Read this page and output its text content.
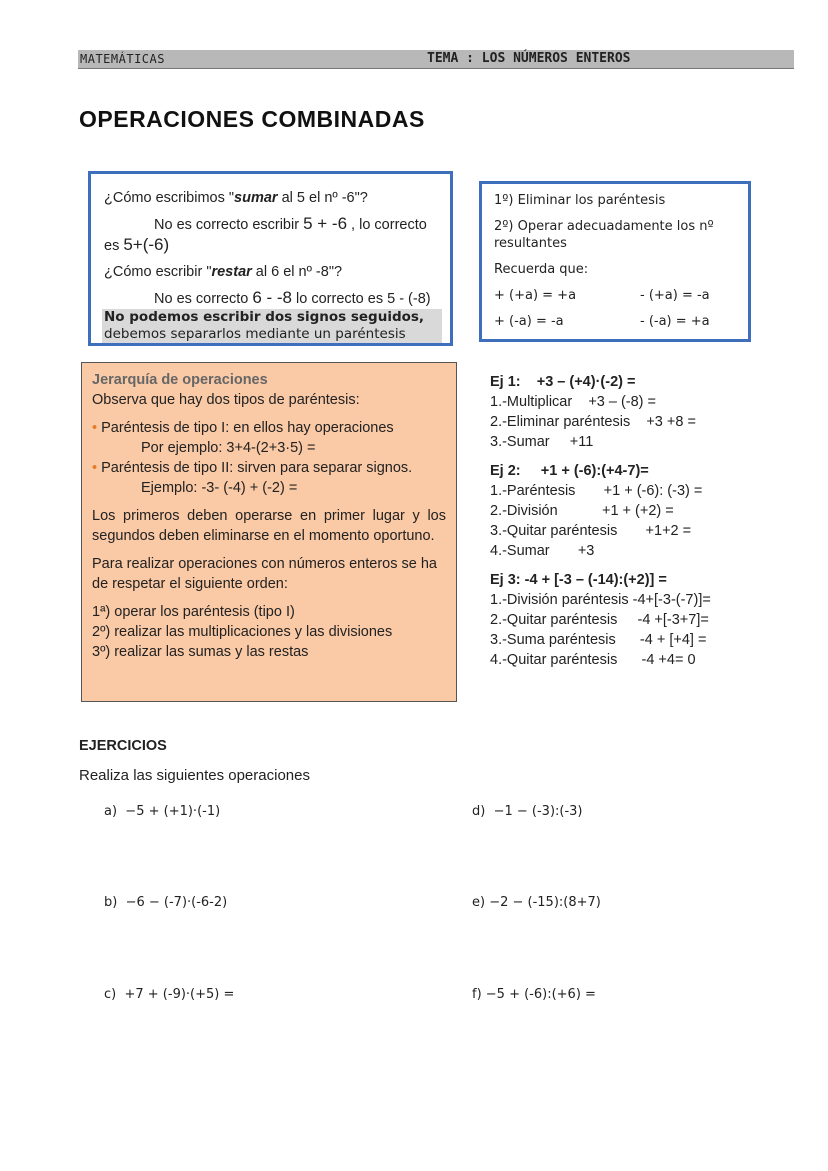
MATEMÁTICAS	TEMA : LOS NÚMEROS ENTEROS
OPERACIONES COMBINADAS
¿Cómo escribimos "sumar al 5 el nº -6"?
No es correcto escribir 5 + -6 , lo correcto
es 5+(-6)
¿Cómo escribir "restar al 6 el nº -8"?
No es correcto 6 - -8 lo correcto es 5 - (-8)
No podemos escribir dos signos seguidos,
debemos separarlos mediante un paréntesis

1º) Eliminar los paréntesis

2º) Operar adecuadamente los nº resultantes

Recuerda que:

+ (+a) = +a	- (+a) = -a
+ (-a) = -a	- (-a) = +a
Jerarquía de operaciones
Observa que hay dos tipos de paréntesis:
• Paréntesis de tipo I: en ellos hay operaciones
Por ejemplo: 3+4-(2+3·5) =
• Paréntesis de tipo II: sirven para separar signos.
Ejemplo: -3- (-4) + (-2) =
Los primeros deben operarse en primer lugar y los segundos deben eliminarse en el momento oportuno.
Para realizar operaciones con números enteros se ha de respetar el siguiente orden:
1ª) operar los paréntesis (tipo I)
2º) realizar las multiplicaciones y las divisiones
3º) realizar las sumas y las restas
Ej 1:    +3 – (+4)·(-2) =
1.-Multiplicar +3 – (-8) =
2.-Eliminar paréntesis +3 +8 =
3.-Sumar +11
Ej 2:     +1 + (-6):(+4-7)=
1.-Paréntesis +1 + (-6): (-3) =
2.-División +1 + (+2) =
3.-Quitar paréntesis +1+2 =
4.-Sumar +3
Ej 3: -4 + [-3 – (-14):(+2)] =
1.-División paréntesis -4+[-3-(-7)]=
2.-Quitar paréntesis -4 +[-3+7]=
3.-Suma paréntesis -4 + [+4] =
4.-Quitar paréntesis -4 +4= 0
EJERCICIOS
Realiza las siguientes operaciones
a)  −5 + (+1)·(-1)	d)  −1 − (-3):(-3)
b)  −6 − (-7)·(-6-2)	e) −2 − (-15):(8+7)
c)  +7 + (-9)·(+5) =	f) −5 + (-6):(+6) =
